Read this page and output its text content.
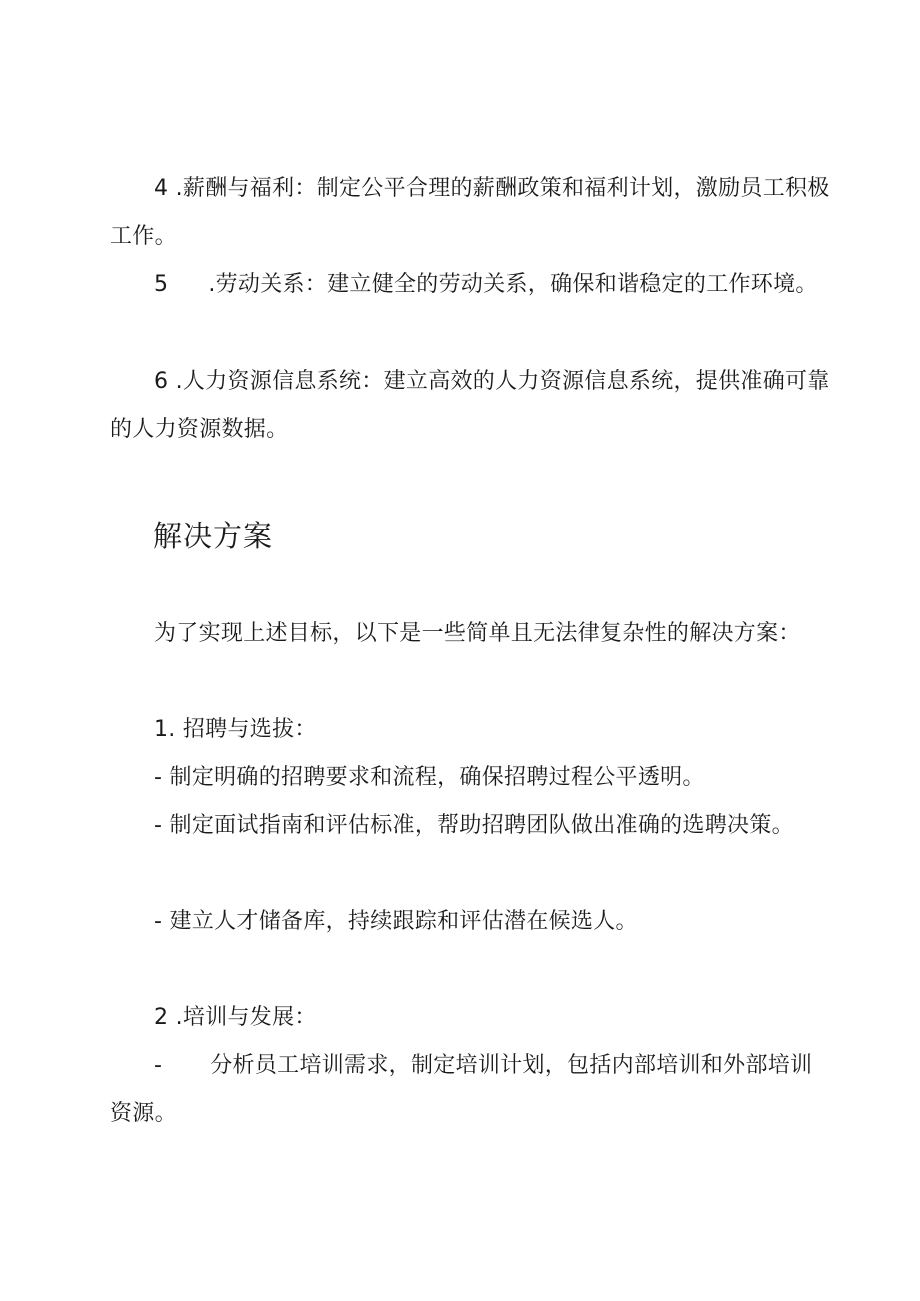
4 .薪酬与福利：制定公平合理的薪酬政策和福利计划，激励员工积极工作。

5 .劳动关系：建立健全的劳动关系，确保和谐稳定的工作环境。

6 .人力资源信息系统：建立高效的人力资源信息系统，提供准确可靠的人力资源数据。

解决方案

为了实现上述目标，以下是一些简单且无法律复杂性的解决方案：

1. 招聘与选拔：

- 制定明确的招聘要求和流程，确保招聘过程公平透明。

- 制定面试指南和评估标准，帮助招聘团队做出准确的选聘决策。

- 建立人才储备库，持续跟踪和评估潜在候选人。

2 .培训与发展：

- 分析员工培训需求，制定培训计划，包括内部培训和外部培训资源。
